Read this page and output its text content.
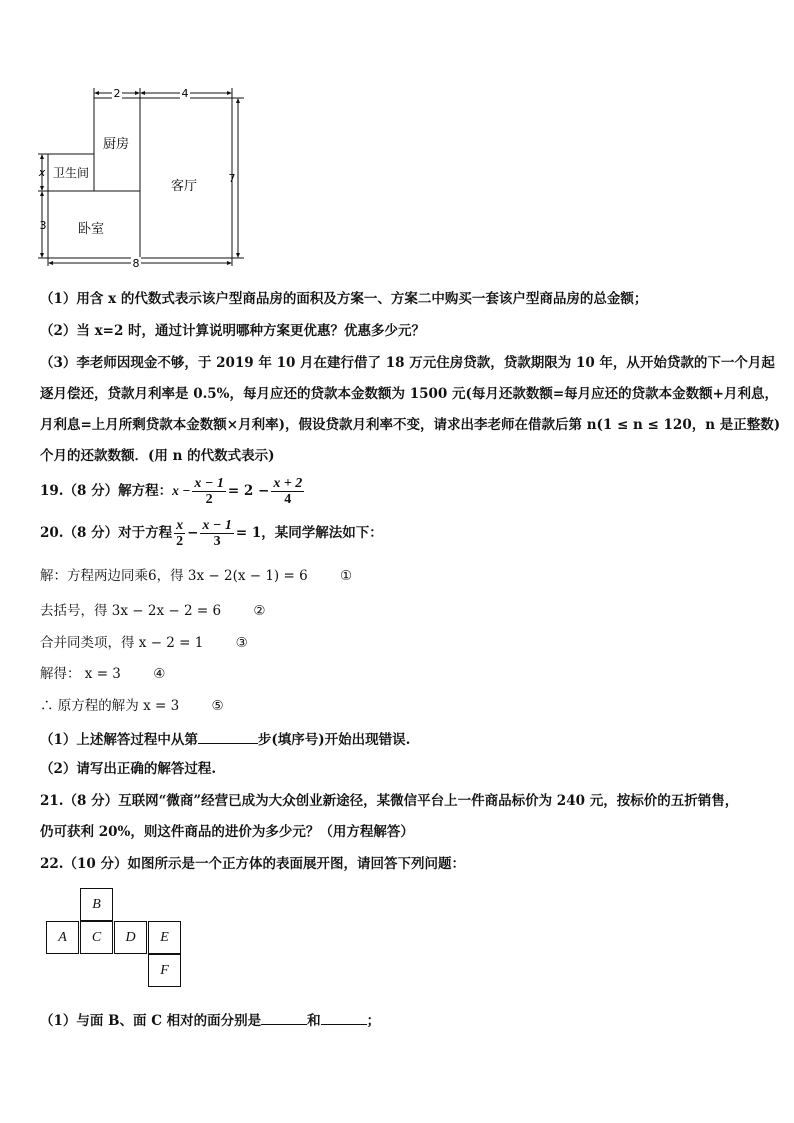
2	4
7
x
3
8
厨房
卫生间
客厅
卧室
（1）用含 x 的代数式表示该户型商品房的面积及方案一、方案二中购买一套该户型商品房的总金额；
（2）当 x=2 时，通过计算说明哪种方案更优惠？优惠多少元？
（3）李老师因现金不够，于 2019 年 10 月在建行借了 18 万元住房贷款，贷款期限为 10 年，从开始贷款的下一个月起
逐月偿还，贷款月利率是 0.5%，每月应还的贷款本金数额为 1500 元(每月还款数额=每月应还的贷款本金数额+月利息，
月利息=上月所剩贷款本金数额×月利率)，假设贷款月利率不变，请求出李老师在借款后第 n(1 ≤ n ≤ 120，n 是正整数)
个月的还款数额．(用 n 的代数式表示)
19.（8 分）解方程： $x - \frac{x - 1}{2} = 2 - \frac{x + 2}{4}$
20.（8 分）对于方程 $\frac{x}{2} - \frac{x - 1}{3} = 1$，某同学解法如下：
解：方程两边同乘6，得 3x − 2(x − 1) = 6 ①
去括号，得 3x − 2x − 2 = 6 ②
合并同类项，得 x − 2 = 1 ③
解得： x = 3 ④
∴ 原方程的解为 x = 3 ⑤
（1）上述解答过程中从第	步(填序号)开始出现错误.
（2）请写出正确的解答过程.
21.（8 分）互联网“微商”经营已成为大众创业新途径，某微信平台上一件商品标价为 240 元，按标价的五折销售，
仍可获利 20%，则这件商品的进价为多少元？（用方程解答）
22.（10 分）如图所示是一个正方体的表面展开图，请回答下列问题：
B
A	C	D	E
F
（1）与面 B、面 C 相对的面分别是	和	；
